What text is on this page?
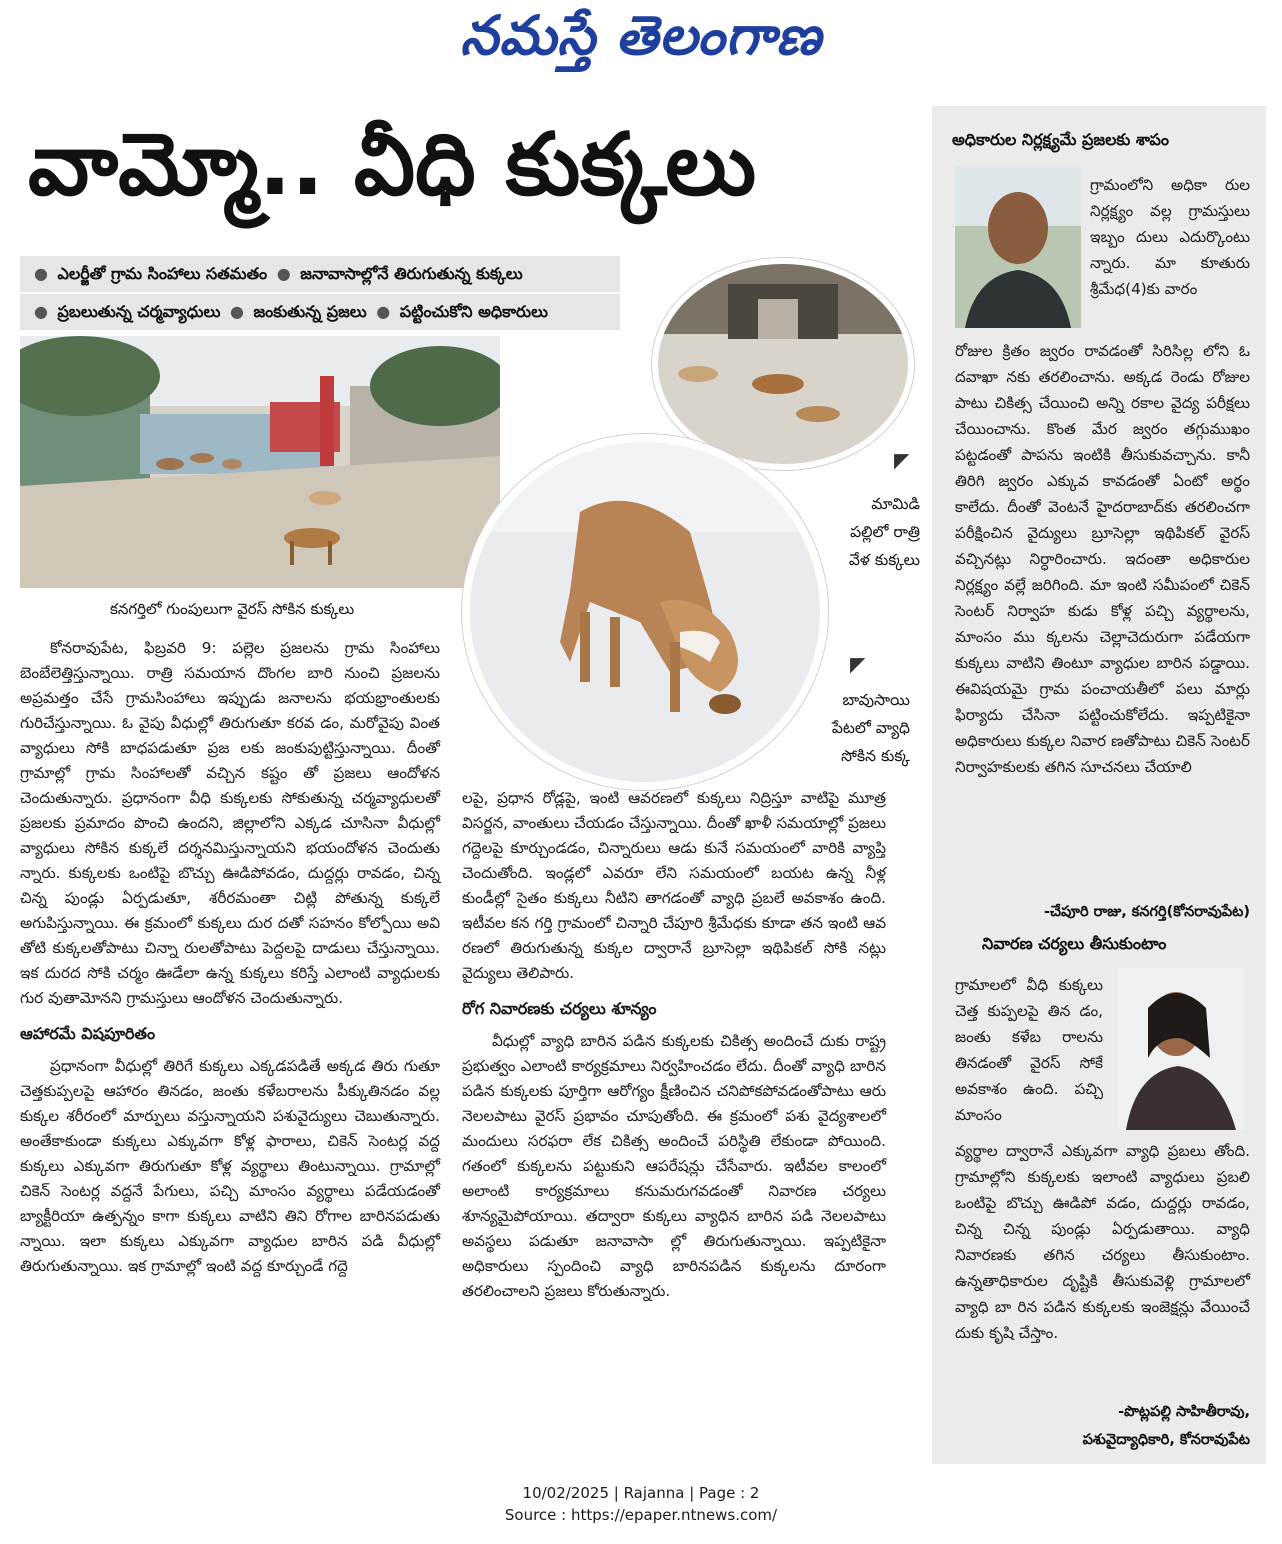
నమస్తే తెలంగాణ
వామ్మో.. వీధి కుక్కలు
● ఎలర్జీతో గ్రామ సింహాలు సతమతం ● జనావాసాల్లోనే తిరుగుతున్న కుక్కలు
● ప్రబలుతున్న చర్మవ్యాధులు ● జంకుతున్న ప్రజలు ● పట్టించుకోని అధికారులు
కనగర్తిలో గుంపులుగా వైరస్ సోకిన కుక్కలు
◤
◤
మామిడి పల్లిలో రాత్రి వేళ కుక్కలు
బావుసాయి పేటలో వ్యాధి సోకిన కుక్క

కోనరావుపేట, ఫిబ్రవరి 9: పల్లెల ప్రజలను గ్రామ సింహాలు బెంబేలెత్తిస్తున్నాయి. రాత్రి సమయాన దొంగల బారి నుంచి ప్రజలను అప్రమత్తం చేసే గ్రామసింహాలు ఇప్పుడు జనాలను భయభ్రాంతులకు గురిచేస్తున్నాయి. ఓ వైపు వీధుల్లో తిరుగుతూ కరవ డం, మరోవైపు వింత వ్యాధులు సోకి బాధపడుతూ ప్రజ లకు జంకుపుట్టిస్తున్నాయి. దీంతో గ్రామాల్లో గ్రామ సింహాలతో వచ్చిన కష్టం తో ప్రజలు ఆందోళన చెందుతున్నారు. ప్రధానంగా వీధి కుక్కలకు సోకుతున్న చర్మవ్యాధులతో ప్రజలకు ప్రమాదం పొంచి ఉందని, జిల్లాలోని ఎక్కడ చూసినా వీధుల్లో వ్యాధులు సోకిన కుక్కలే దర్శనమిస్తున్నాయని భయందోళన చెందుతు న్నారు. కుక్కలకు ఒంటిపై బొచ్చు ఊడిపోవడం, దుద్దర్లు రావడం, చిన్న చిన్న పుండ్లు ఏర్పడుతూ, శరీరమంతా చిట్లి పోతున్న కుక్కలే అగుపిస్తున్నాయి. ఈ క్రమంలో కుక్కలు దుర దతో సహనం కోల్పోయి అవి తోటి కుక్కలతోపాటు చిన్నా రులతోపాటు పెద్దలపై దాడులు చేస్తున్నాయి. ఇక దురద సోకి చర్మం ఊడేలా ఉన్న కుక్కలు కరిస్తే ఎలాంటి వ్యాధులకు గుర వుతామోనని గ్రామస్తులు ఆందోళన చెందుతున్నారు.

ఆహారమే విషపూరితం

ప్రధానంగా వీధుల్లో తిరిగే కుక్కలు ఎక్కడపడితే అక్కడ తిరు గుతూ చెత్తకుప్పలపై ఆహారం తినడం, జంతు కళేబరాలను పీక్కుతినడం వల్ల కుక్కల శరీరంలో మార్పులు వస్తున్నాయని పశువైద్యులు చెబుతున్నారు. అంతేకాకుండా కుక్కలు ఎక్కువగా కోళ్ల ఫారాలు, చికెన్ సెంటర్ల వద్ద కుక్కలు ఎక్కువగా తిరుగుతూ కోళ్ల వ్యర్థాలు తింటున్నాయి. గ్రామాల్లో చికెన్ సెంటర్ల వద్దనే పేగులు, పచ్చి మాంసం వ్యర్థాలు పడేయడంతో బ్యాక్టీరియా ఉత్పన్నం కాగా కుక్కలు వాటిని తిని రోగాల బారినపడుతు న్నాయి. ఇలా కుక్కలు ఎక్కువగా వ్యాధుల బారిన పడి వీధుల్లో తిరుగుతున్నాయి. ఇక గ్రామాల్లో ఇంటి వద్ద కూర్చుండే గద్దె

లపై, ప్రధాన రోడ్లపై, ఇంటి ఆవరణలో కుక్కలు నిద్రిస్తూ వాటిపై మూత్ర విసర్జన, వాంతులు చేయడం చేస్తున్నాయి. దీంతో ఖాళీ సమయాల్లో ప్రజలు గద్దెలపై కూర్చుండడం, చిన్నారులు ఆడు కునే సమయంలో వారికి వ్యాప్తి చెందుతోంది. ఇండ్లలో ఎవరూ లేని సమయంలో బయట ఉన్న నీళ్ల కుండీల్లో సైతం కుక్కలు నీటిని తాగడంతో వ్యాధి ప్రబలే అవకాశం ఉంది. ఇటీవల కన గర్తి గ్రామంలో చిన్నారి చేపూరి శ్రీమేధకు కూడా తన ఇంటి ఆవ రణలో తిరుగుతున్న కుక్కల ద్వారానే బ్రూసెల్లా ఇథిపికల్ సోకి నట్లు వైద్యులు తెలిపారు.

రోగ నివారణకు చర్యలు శూన్యం

వీధుల్లో వ్యాధి బారిన పడిన కుక్కలకు చికిత్స అందించే దుకు రాష్ట్ర ప్రభుత్వం ఎలాంటి కార్యక్రమాలు నిర్వహించడం లేదు. దీంతో వ్యాధి బారిన పడిన కుక్కలకు పూర్తిగా ఆరోగ్యం క్షీణించిన చనిపోకపోవడంతోపాటు ఆరు నెలలపాటు వైరస్ ప్రభావం చూపుతోంది. ఈ క్రమంలో పశు వైద్యశాలలో మందులు సరఫరా లేక చికిత్స అందించే పరిస్థితి లేకుండా పోయింది. గతంలో కుక్కలను పట్టుకుని ఆపరేషన్లు చేసేవారు. ఇటీవల కాలంలో అలాంటి కార్యక్రమాలు కనుమరుగవడంతో నివారణ చర్యలు శూన్యమైపోయాయి. తద్వారా కుక్కలు వ్యాధిన బారిన పడి నెలలపాటు అవస్థలు పడుతూ జనావాసా ల్లో తిరుగుతున్నాయి. ఇప్పటికైనా అధికారులు స్పందించి వ్యాధి బారినపడిన కుక్కలను దూరంగా తరలించాలని ప్రజలు కోరుతున్నారు.

అధికారుల నిర్లక్ష్యమే ప్రజలకు శాపం
గ్రామంలోని అధికా రుల నిర్లక్ష్యం వల్ల గ్రామస్తులు ఇబ్బం దులు ఎదుర్కొంటు న్నారు. మా కూతురు శ్రీమేధ(4)కు వారం
రోజుల క్రితం జ్వరం రావడంతో సిరిసిల్ల లోని ఓ దవాఖా నకు తరలించాను. అక్కడ రెండు రోజుల పాటు చికిత్స చేయించి అన్ని రకాల వైద్య పరీక్షలు చేయించాను. కొంత మేర జ్వరం తగ్గుముఖం పట్టడంతో పాపను ఇంటికి తీసుకువచ్చాను. కానీ తిరిగి జ్వరం ఎక్కువ కావడంతో ఏంటో అర్థం కాలేదు. దీంతో వెంటనే హైదరాబాద్‌కు తరలించగా పరీక్షించిన వైద్యులు బ్రూసెల్లా ఇథిపికల్ వైరస్ వచ్చినట్లు నిర్ధారించారు. ఇదంతా అధికారుల నిర్లక్ష్యం వల్లే జరిగింది. మా ఇంటి సమీపంలో చికెన్ సెంటర్ నిర్వాహ కుడు కోళ్ల పచ్చి వ్యర్థాలను, మాంసం ము క్కలను చెల్లాచెదురుగా పడేయగా కుక్కలు వాటిని తింటూ వ్యాధుల బారిన పడ్డాయి. ఈవిషయమై గ్రామ పంచాయతీలో పలు మార్లు ఫిర్యాదు చేసినా పట్టించుకోలేదు. ఇప్పటికైనా అధికారులు కుక్కల నివార ణతోపాటు చికెన్ సెంటర్ నిర్వాహకులకు తగిన సూచనలు చేయాలి
-చేపూరి రాజు, కనగర్తి(కోనరావుపేట)
నివారణ చర్యలు తీసుకుంటాం
గ్రామాలలో వీధి కుక్కలు చెత్త కుప్పలపై తిన డం, జంతు కళేబ రాలను తినడంతో వైరస్ సోకే అవకాశం ఉంది. పచ్చి మాంసం
వ్యర్థాల ద్వారానే ఎక్కువగా వ్యాధి ప్రబలు తోంది. గ్రామాల్లోని కుక్కలకు ఇలాంటి వ్యాధులు ప్రబలి ఒంటిపై బొచ్చు ఊడిపో వడం, దుద్దర్లు రావడం, చిన్న చిన్న పుండ్లు ఏర్పడుతాయి. వ్యాధి నివారణకు తగిన చర్యలు తీసుకుంటాం. ఉన్నతాధికారుల దృష్టికి తీసుకువెళ్లి గ్రామాలలో వ్యాధి బా రిన పడిన కుక్కలకు ఇంజెక్షన్లు వేయించే దుకు కృషి చేస్తాం.
-పొట్లపల్లి సాహితీరావు,
పశువైద్యాధికారి, కోనరావుపేట
10/02/2025 | Rajanna | Page : 2
Source : https://epaper.ntnews.com/
